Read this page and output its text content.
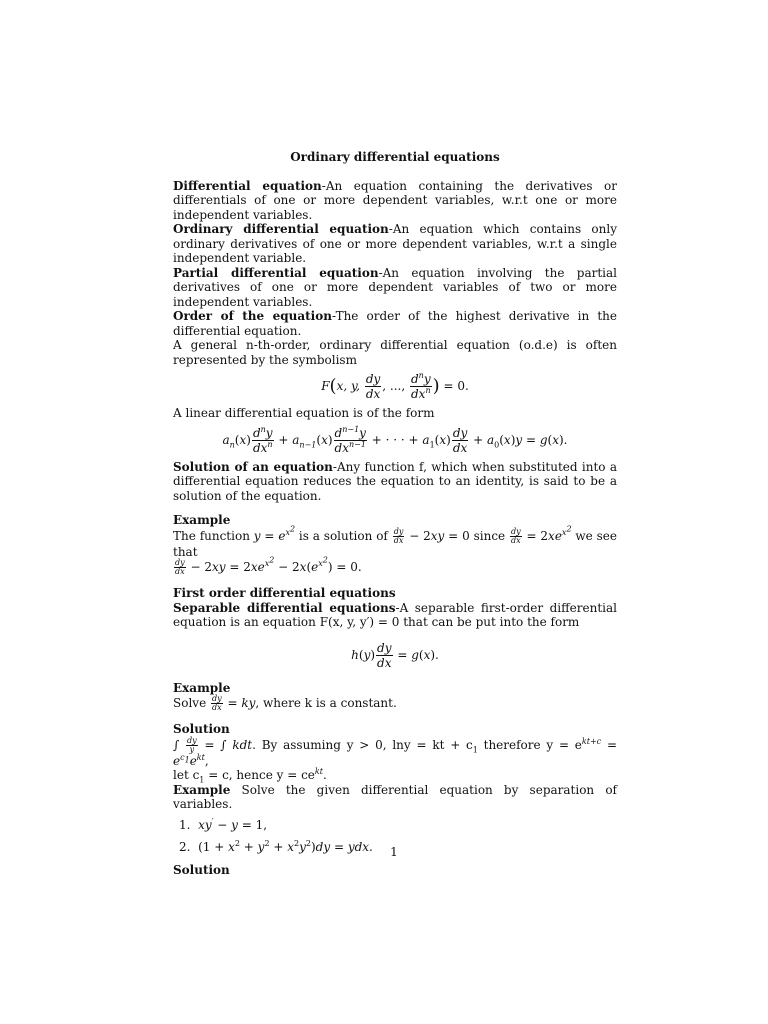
Ordinary differential equations

Differential equation-An equation containing the derivatives or differentials of one or more dependent variables, w.r.t one or more independent variables.

Ordinary differential equation-An equation which contains only ordinary derivatives of one or more dependent variables, w.r.t a single independent variable.

Partial differential equation-An equation involving the partial derivatives of one or more dependent variables of two or more independent variables.

Order of the equation-The order of the highest derivative in the differential equation.

A general n-th-order, ordinary differential equation (o.d.e) is often represented by the symbolism

F(x, y, $\frac{dy}{dx}$ , ..., $\frac{d^ny}{dx^n}$ ) = 0.

A linear differential equation is of the form

$a_n(x) \frac{d^ny}{dx^n} + a_{n-1}(x) \frac{d^{n-1}y}{dx^{n-1}}$ + · · · + $a_1(x) \frac{dy}{dx} + a_0(x)y = g(x)$.

Solution of an equation-Any function f, which when substituted into a differential equation reduces the equation to an identity, is said to be a solution of the equation.

Example

The function $y = e^{x^2}$ is a solution of $\frac{dy}{dx} - 2xy = 0$ since $\frac{dy}{dx} = 2xe^{x^2}$ we see that

$\frac{dy}{dx} - 2xy = 2xe^{x^2} - 2x(e^{x^2}) = 0$.

First order differential equations

Separable differential equations-A separable first-order differential equation is an equation F(x, y, y′) = 0 that can be put into the form

$h(y) \frac{dy}{dx} = g(x)$.
Example

Solve $\frac{dy}{dx}$ = ky, where k is a constant.

Solution

∫ $\frac{dy}{y}$ = ∫ kdt. By assuming y > 0, lny = kt + $c_1$ therefore $y = e^{kt+c} = e^{c_1}e^{kt}$,
let $c_1 = c$, hence $y = ce^{kt}$.

Example Solve the given differential equation by separation of variables.

1. xy′ − y = 1,
2.  $(1 + x^2 + y^2 + x^2y^2)dy$ = ydx.
Solution
1
